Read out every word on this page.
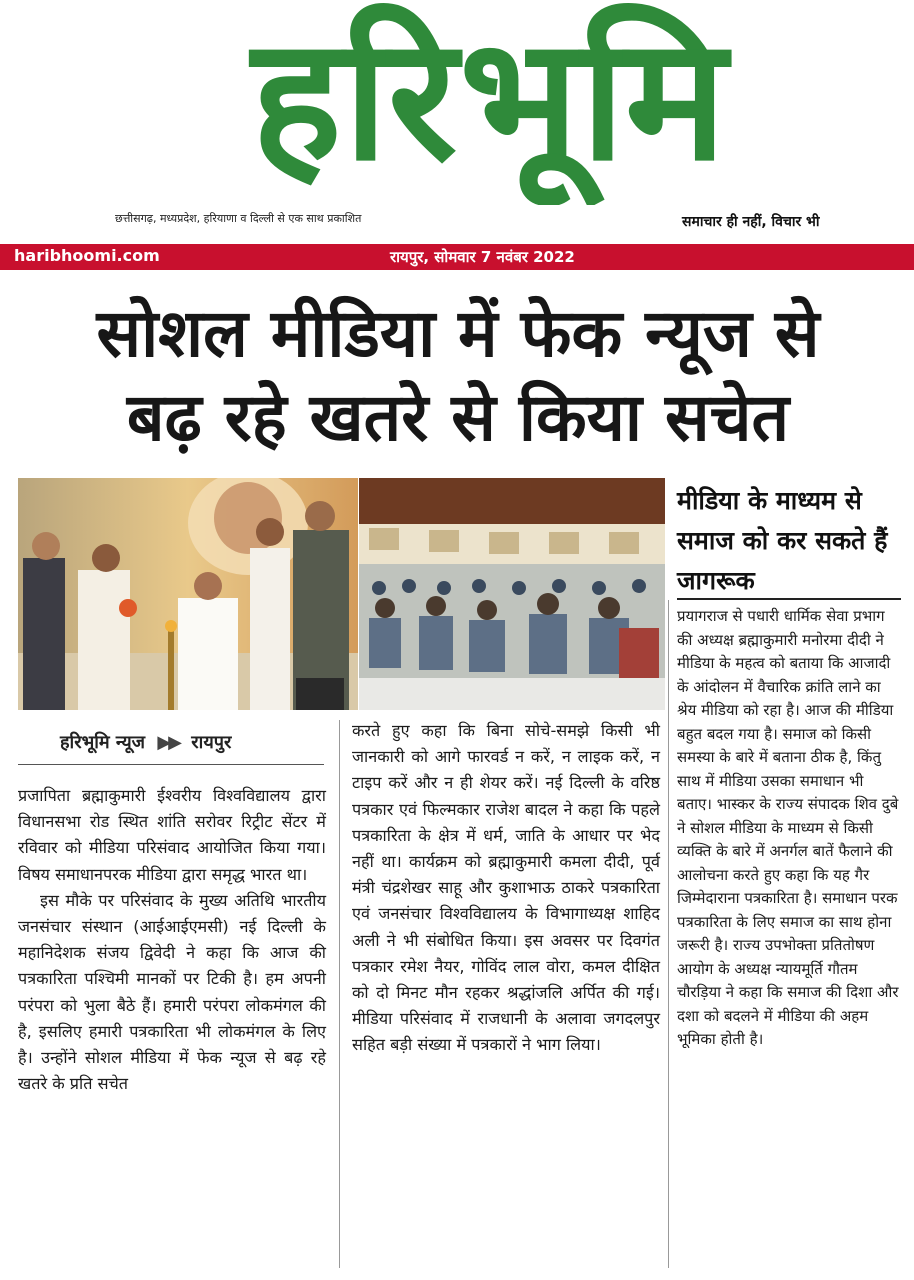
हरिभूमि
छत्तीसगढ़, मध्यप्रदेश, हरियाणा व दिल्ली से एक साथ प्रकाशित	समाचार ही नहीं, विचार भी
haribhoomi.com	रायपुर, सोमवार 7 नवंबर 2022
सोशल मीडिया में फेक न्यूज से
बढ़ रहे खतरे से किया सचेत
मीडिया के माध्यम से समाज को कर सकते हैं जागरूक
प्रयागराज से पधारी धार्मिक सेवा प्रभाग की अध्यक्ष ब्रह्माकुमारी मनोरमा दीदी ने मीडिया के महत्व को बताया कि आजादी के आंदोलन में वैचारिक क्रांति लाने का श्रेय मीडिया को रहा है। आज की मीडिया बहुत बदल गया है। समाज को किसी समस्या के बारे में बताना ठीक है, किंतु साथ में मीडिया उसका समाधान भी बताए। भास्कर के राज्य संपादक शिव दुबे ने सोशल मीडिया के माध्यम से किसी व्यक्ति के बारे में अनर्गल बातें फैलाने की आलोचना करते हुए कहा कि यह गैर जिम्मेदाराना पत्रकारिता है। समाधान परक पत्रकारिता के लिए समाज का साथ होना जरूरी है। राज्य उपभोक्ता प्रतितोषण आयोग के अध्यक्ष न्यायमूर्ति गौतम चौरड़िया ने कहा कि समाज की दिशा और दशा को बदलने में मीडिया की अहम भूमिका होती है।
हरिभूमि न्यूज ▶▶ रायपुर

प्रजापिता ब्रह्माकुमारी ईश्वरीय विश्वविद्यालय द्वारा विधानसभा रोड स्थित शांति सरोवर रिट्रीट सेंटर में रविवार को मीडिया परिसंवाद आयोजित किया गया। विषय समाधानपरक मीडिया द्वारा समृद्ध भारत था।

इस मौके पर परिसंवाद के मुख्य अतिथि भारतीय जनसंचार संस्थान (आईआईएमसी) नई दिल्ली के महानिदेशक संजय द्विवेदी ने कहा कि आज की पत्रकारिता पश्चिमी मानकों पर टिकी है। हम अपनी परंपरा को भुला बैठे हैं। हमारी परंपरा लोकमंगल की है, इसलिए हमारी पत्रकारिता भी लोकमंगल के लिए है। उन्होंने सोशल मीडिया में फेक न्यूज से बढ़ रहे खतरे के प्रति सचेत

करते हुए कहा कि बिना सोचे-समझे किसी भी जानकारी को आगे फारवर्ड न करें, न लाइक करें, न टाइप करें और न ही शेयर करें। नई दिल्ली के वरिष्ठ पत्रकार एवं फिल्मकार राजेश बादल ने कहा कि पहले पत्रकारिता के क्षेत्र में धर्म, जाति के आधार पर भेद नहीं था। कार्यक्रम को ब्रह्माकुमारी कमला दीदी, पूर्व मंत्री चंद्रशेखर साहू और कुशाभाऊ ठाकरे पत्रकारिता एवं जनसंचार विश्वविद्यालय के विभागाध्यक्ष शाहिद अली ने भी संबोधित किया। इस अवसर पर दिवगंत पत्रकार रमेश नैयर, गोविंद लाल वोरा, कमल दीक्षित को दो मिनट मौन रहकर श्रद्धांजलि अर्पित की गई। मीडिया परिसंवाद में राजधानी के अलावा जगदलपुर सहित बड़ी संख्या में पत्रकारों ने भाग लिया।
